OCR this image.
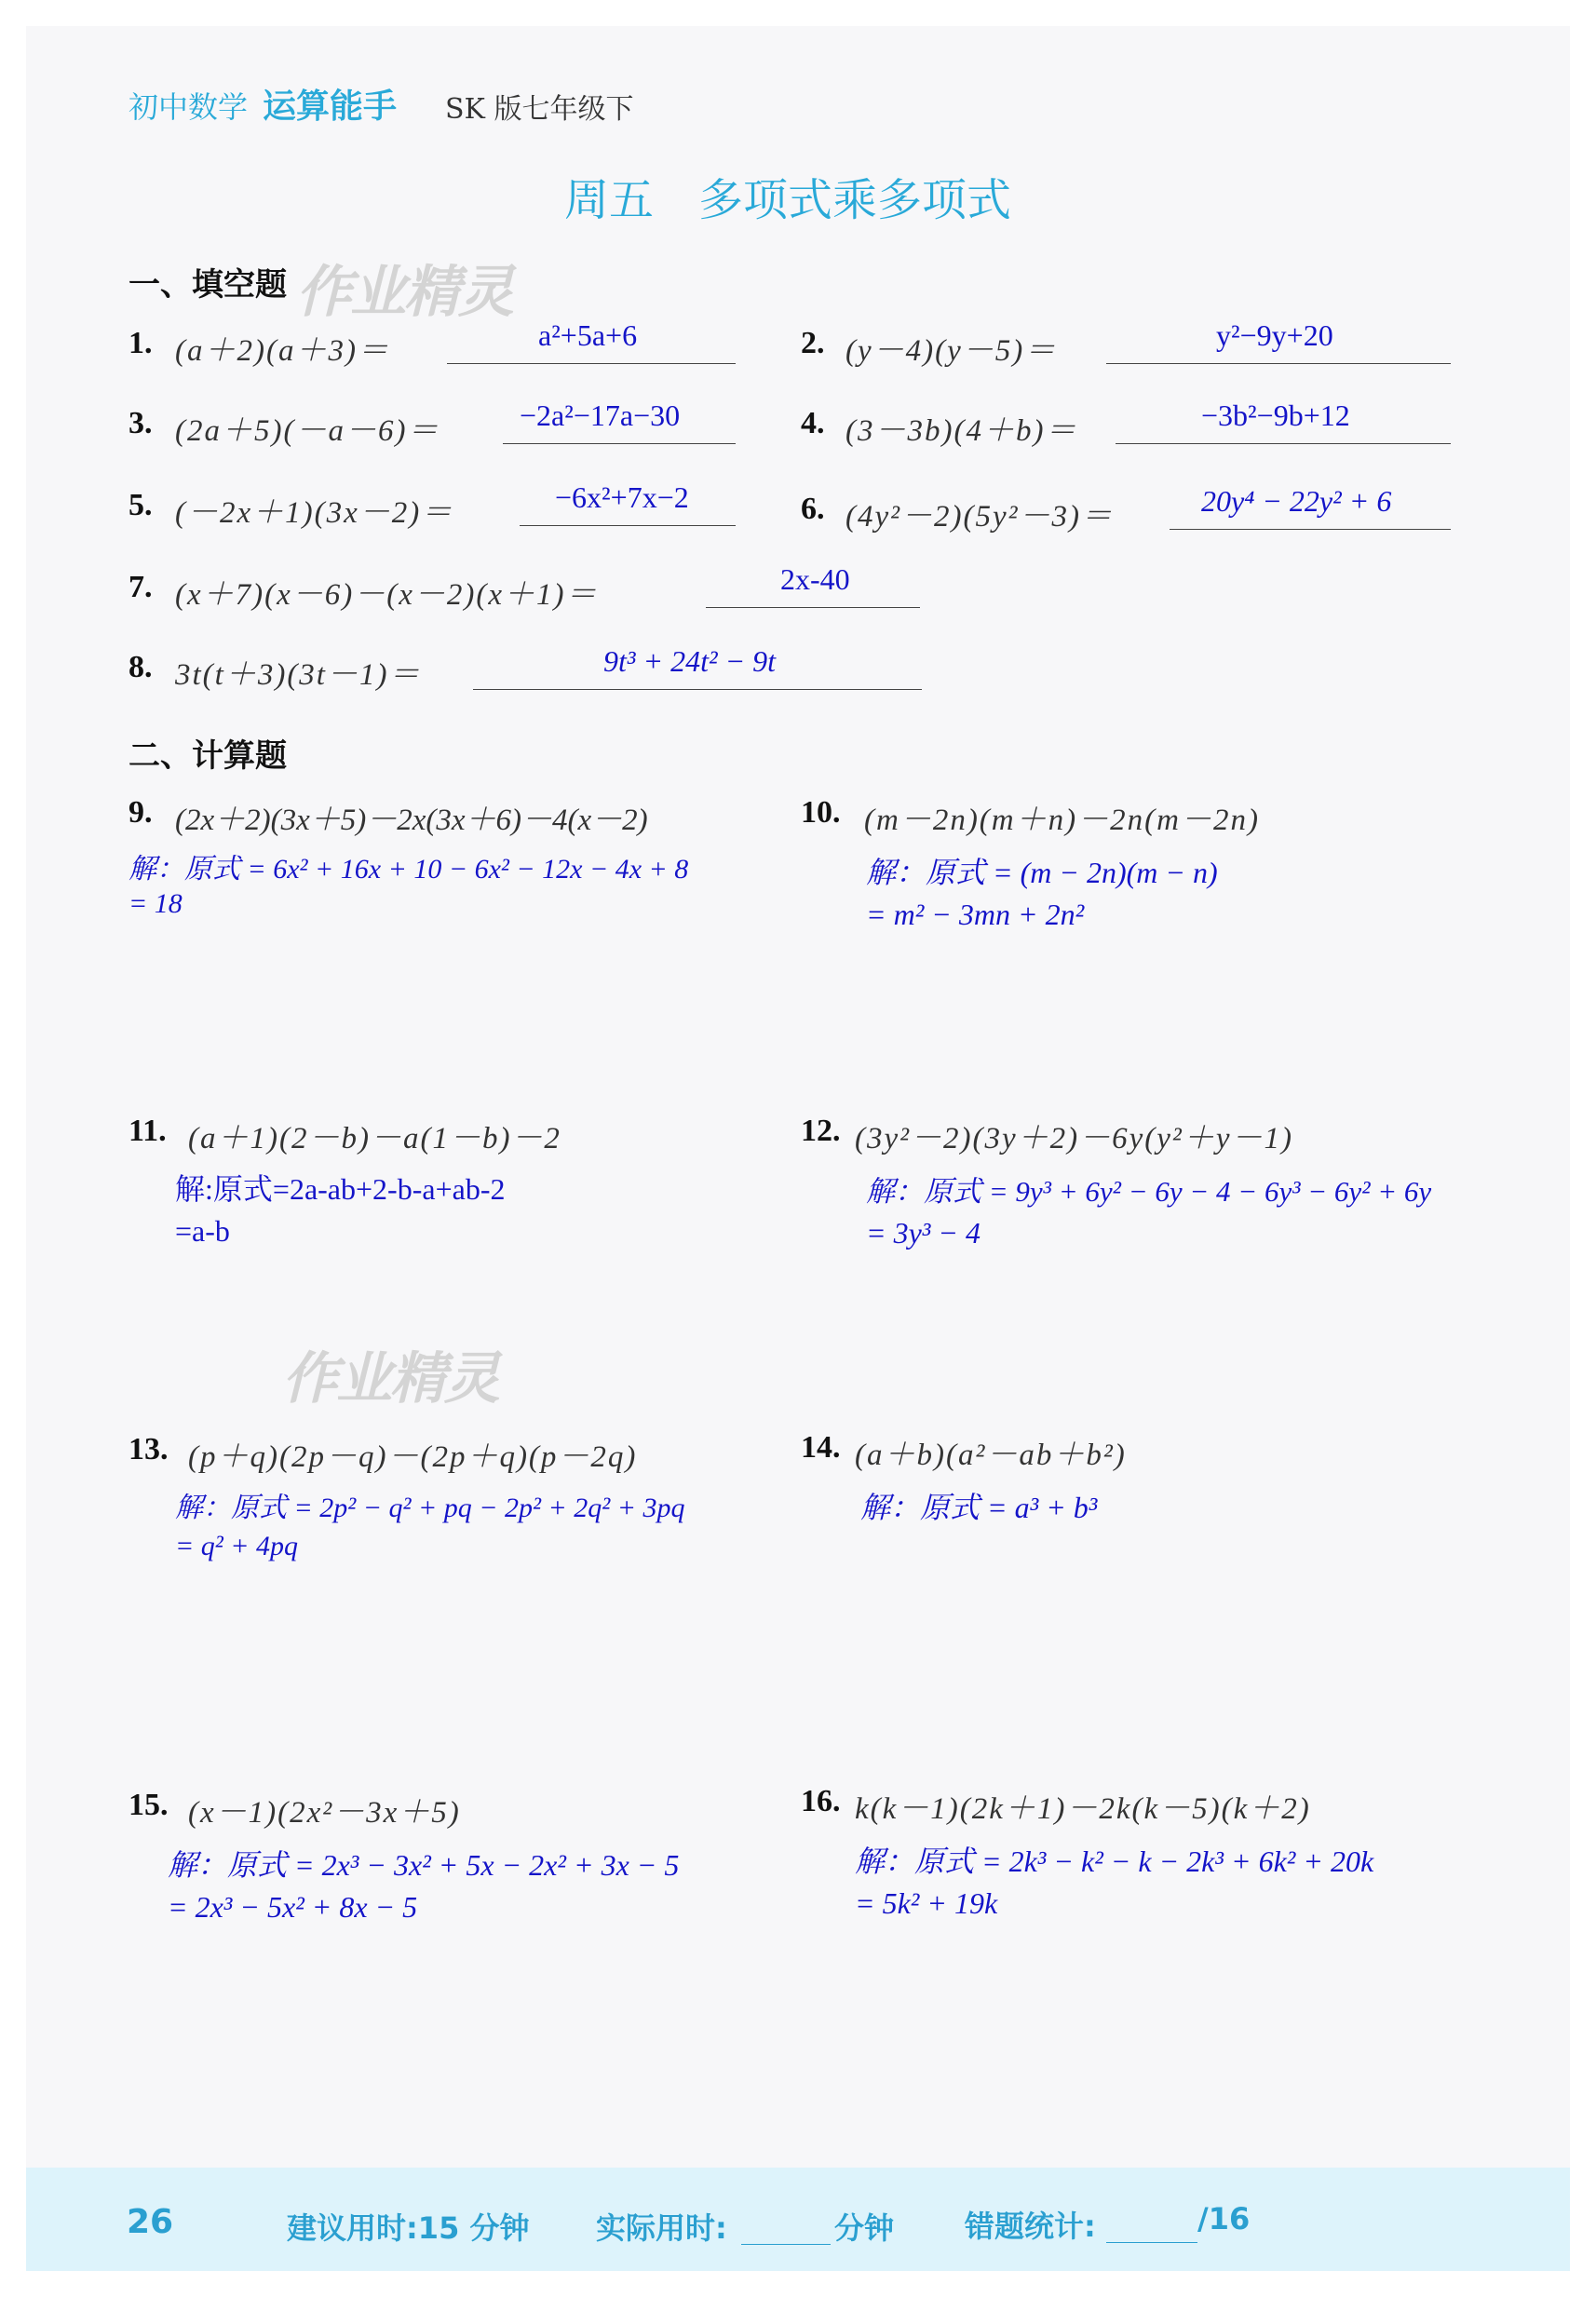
初中数学 运算能手 SK 版七年级下
周五　多项式乘多项式
作业精灵
作业精灵
一、填空题
1. (a＋2)(a＋3)＝	a²+5a+6	2. (y－4)(y－5)＝	y²−9y+20
3. (2a＋5)(－a－6)＝	−2a²−17a−30	4. (3－3b)(4＋b)＝	−3b²−9b+12
5. (－2x＋1)(3x－2)＝	−6x²+7x−2	6. (4y²－2)(5y²－3)＝	20y⁴ − 22y² + 6
7. (x＋7)(x－6)－(x－2)(x＋1)＝	2x-40
8. 3t(t＋3)(3t－1)＝	9t³ + 24t² − 9t
二、计算题
9. (2x＋2)(3x＋5)－2x(3x＋6)－4(x－2)
解：原式 = 6x² + 16x + 10 − 6x² − 12x − 4x + 8
= 18
10. (m－2n)(m＋n)－2n(m－2n)
解：原式 = (m − 2n)(m − n)
= m² − 3mn + 2n²
11. (a＋1)(2－b)－a(1－b)－2
解:原式=2a-ab+2-b-a+ab-2
=a-b
12. (3y²－2)(3y＋2)－6y(y²＋y－1)
解：原式 = 9y³ + 6y² − 6y − 4 − 6y³ − 6y² + 6y
= 3y³ − 4
13. (p＋q)(2p－q)－(2p＋q)(p－2q)
解：原式 = 2p² − q² + pq − 2p² + 2q² + 3pq
= q² + 4pq
14. (a＋b)(a²－ab＋b²)
解：原式 = a³ + b³
15. (x－1)(2x²－3x＋5)
解：原式 = 2x³ − 3x² + 5x − 2x² + 3x − 5
= 2x³ − 5x² + 8x − 5
16. k(k－1)(2k＋1)－2k(k－5)(k＋2)
解：原式 = 2k³ − k² − k − 2k³ + 6k² + 20k
= 5k² + 19k
26	建议用时:15 分钟 实际用时:	分钟 错题统计:	/16
